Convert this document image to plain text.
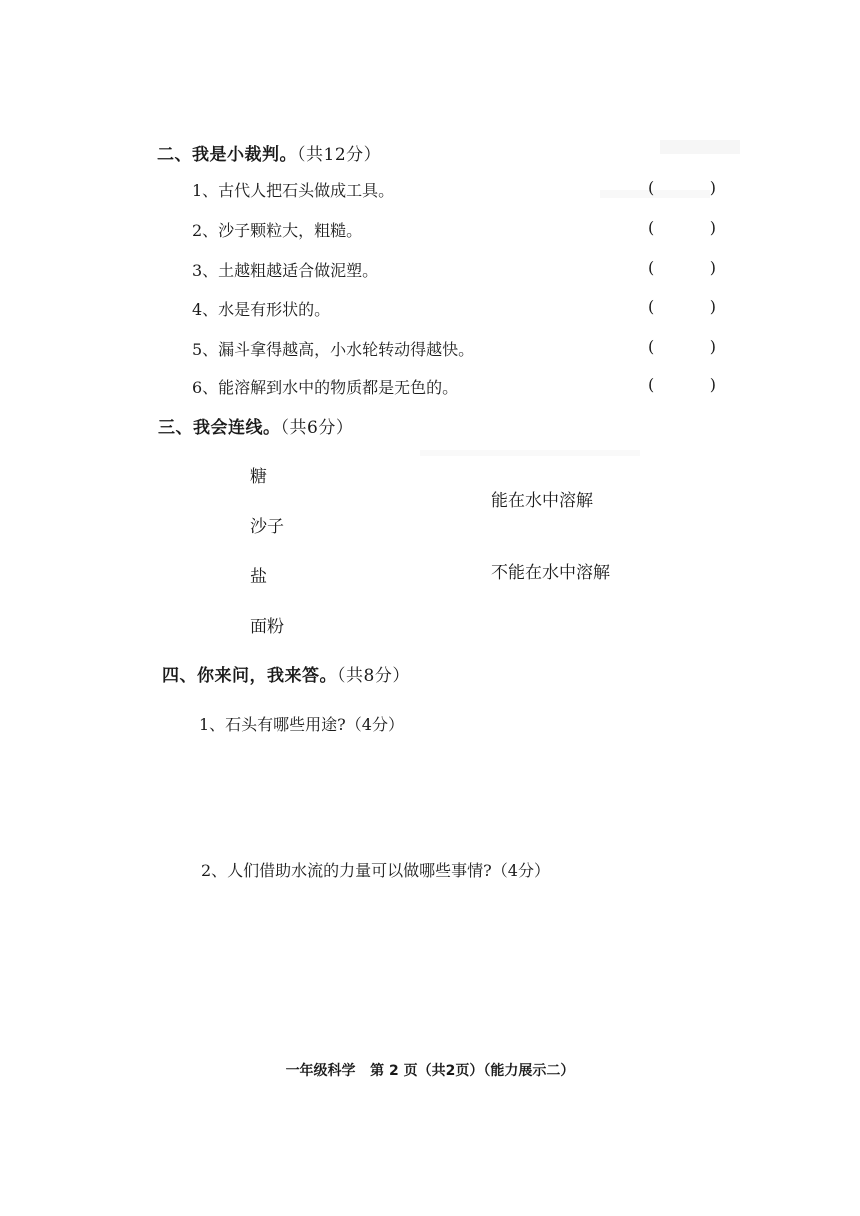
二、我是小裁判。（共12分）
1、古代人把石头做成工具。	(	)
2、沙子颗粒大，粗糙。	(	)
3、土越粗越适合做泥塑。	(	)
4、水是有形状的。	(	)
5、漏斗拿得越高，小水轮转动得越快。	(	)
6、能溶解到水中的物质都是无色的。	(	)
三、我会连线。（共6分）
糖
沙子
盐
面粉
能在水中溶解
不能在水中溶解
四、你来问，我来答。（共8分）
1、石头有哪些用途?（4分）
2、人们借助水流的力量可以做哪些事情?（4分）
一年级科学   第 2 页（共2页）（能力展示二）
